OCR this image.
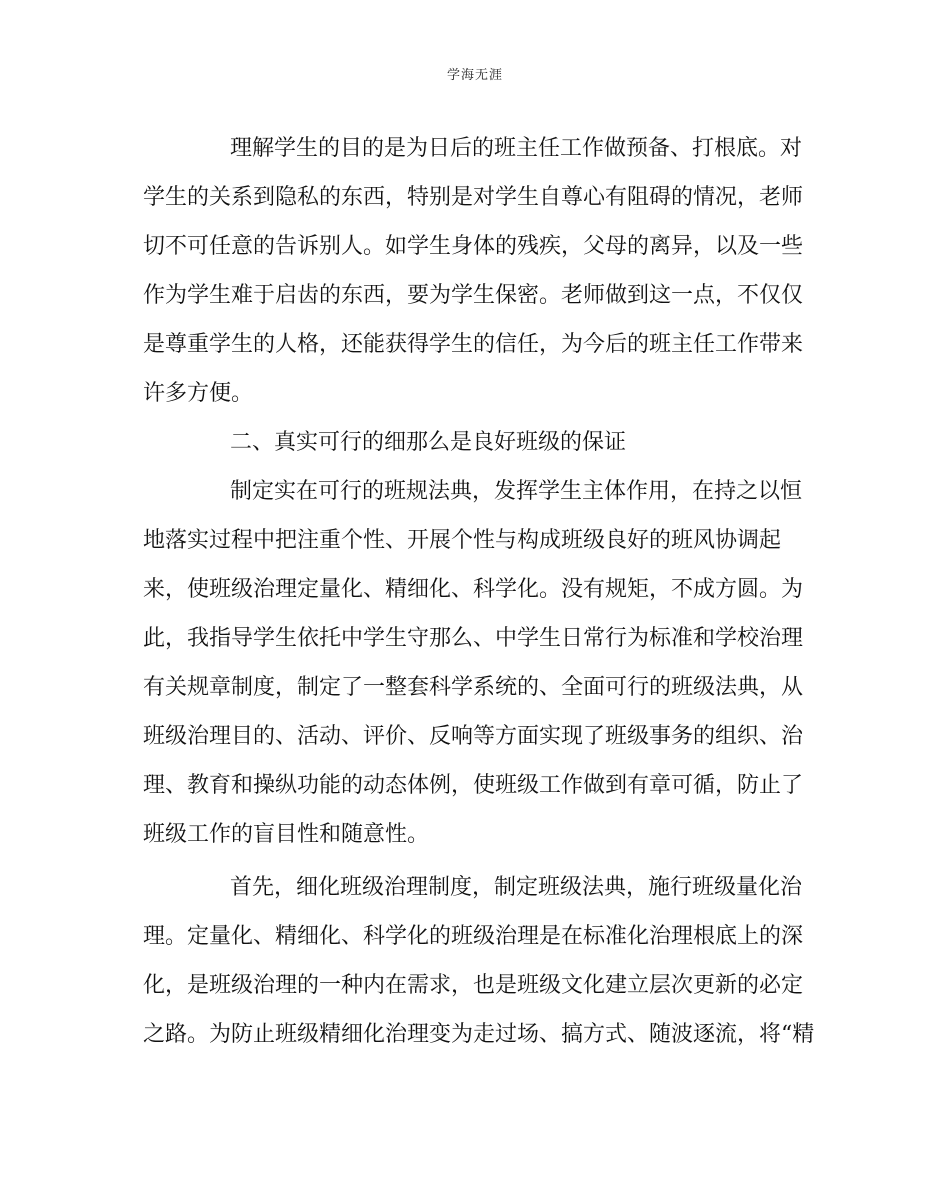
学海无涯
理解学生的目的是为日后的班主任工作做预备、打根底。对
学生的关系到隐私的东西，特别是对学生自尊心有阻碍的情况，老师
切不可任意的告诉别人。如学生身体的残疾，父母的离异，以及一些
作为学生难于启齿的东西，要为学生保密。老师做到这一点，不仅仅
是尊重学生的人格，还能获得学生的信任，为今后的班主任工作带来
许多方便。
二、真实可行的细那么是良好班级的保证
制定实在可行的班规法典，发挥学生主体作用，在持之以恒
地落实过程中把注重个性、开展个性与构成班级良好的班风协调起
来，使班级治理定量化、精细化、科学化。没有规矩，不成方圆。为
此，我指导学生依托中学生守那么、中学生日常行为标准和学校治理
有关规章制度，制定了一整套科学系统的、全面可行的班级法典，从
班级治理目的、活动、评价、反响等方面实现了班级事务的组织、治
理、教育和操纵功能的动态体例，使班级工作做到有章可循，防止了
班级工作的盲目性和随意性。
首先，细化班级治理制度，制定班级法典，施行班级量化治
理。定量化、精细化、科学化的班级治理是在标准化治理根底上的深
化，是班级治理的一种内在需求，也是班级文化建立层次更新的必定
之路。为防止班级精细化治理变为走过场、搞方式、随波逐流，将“精
